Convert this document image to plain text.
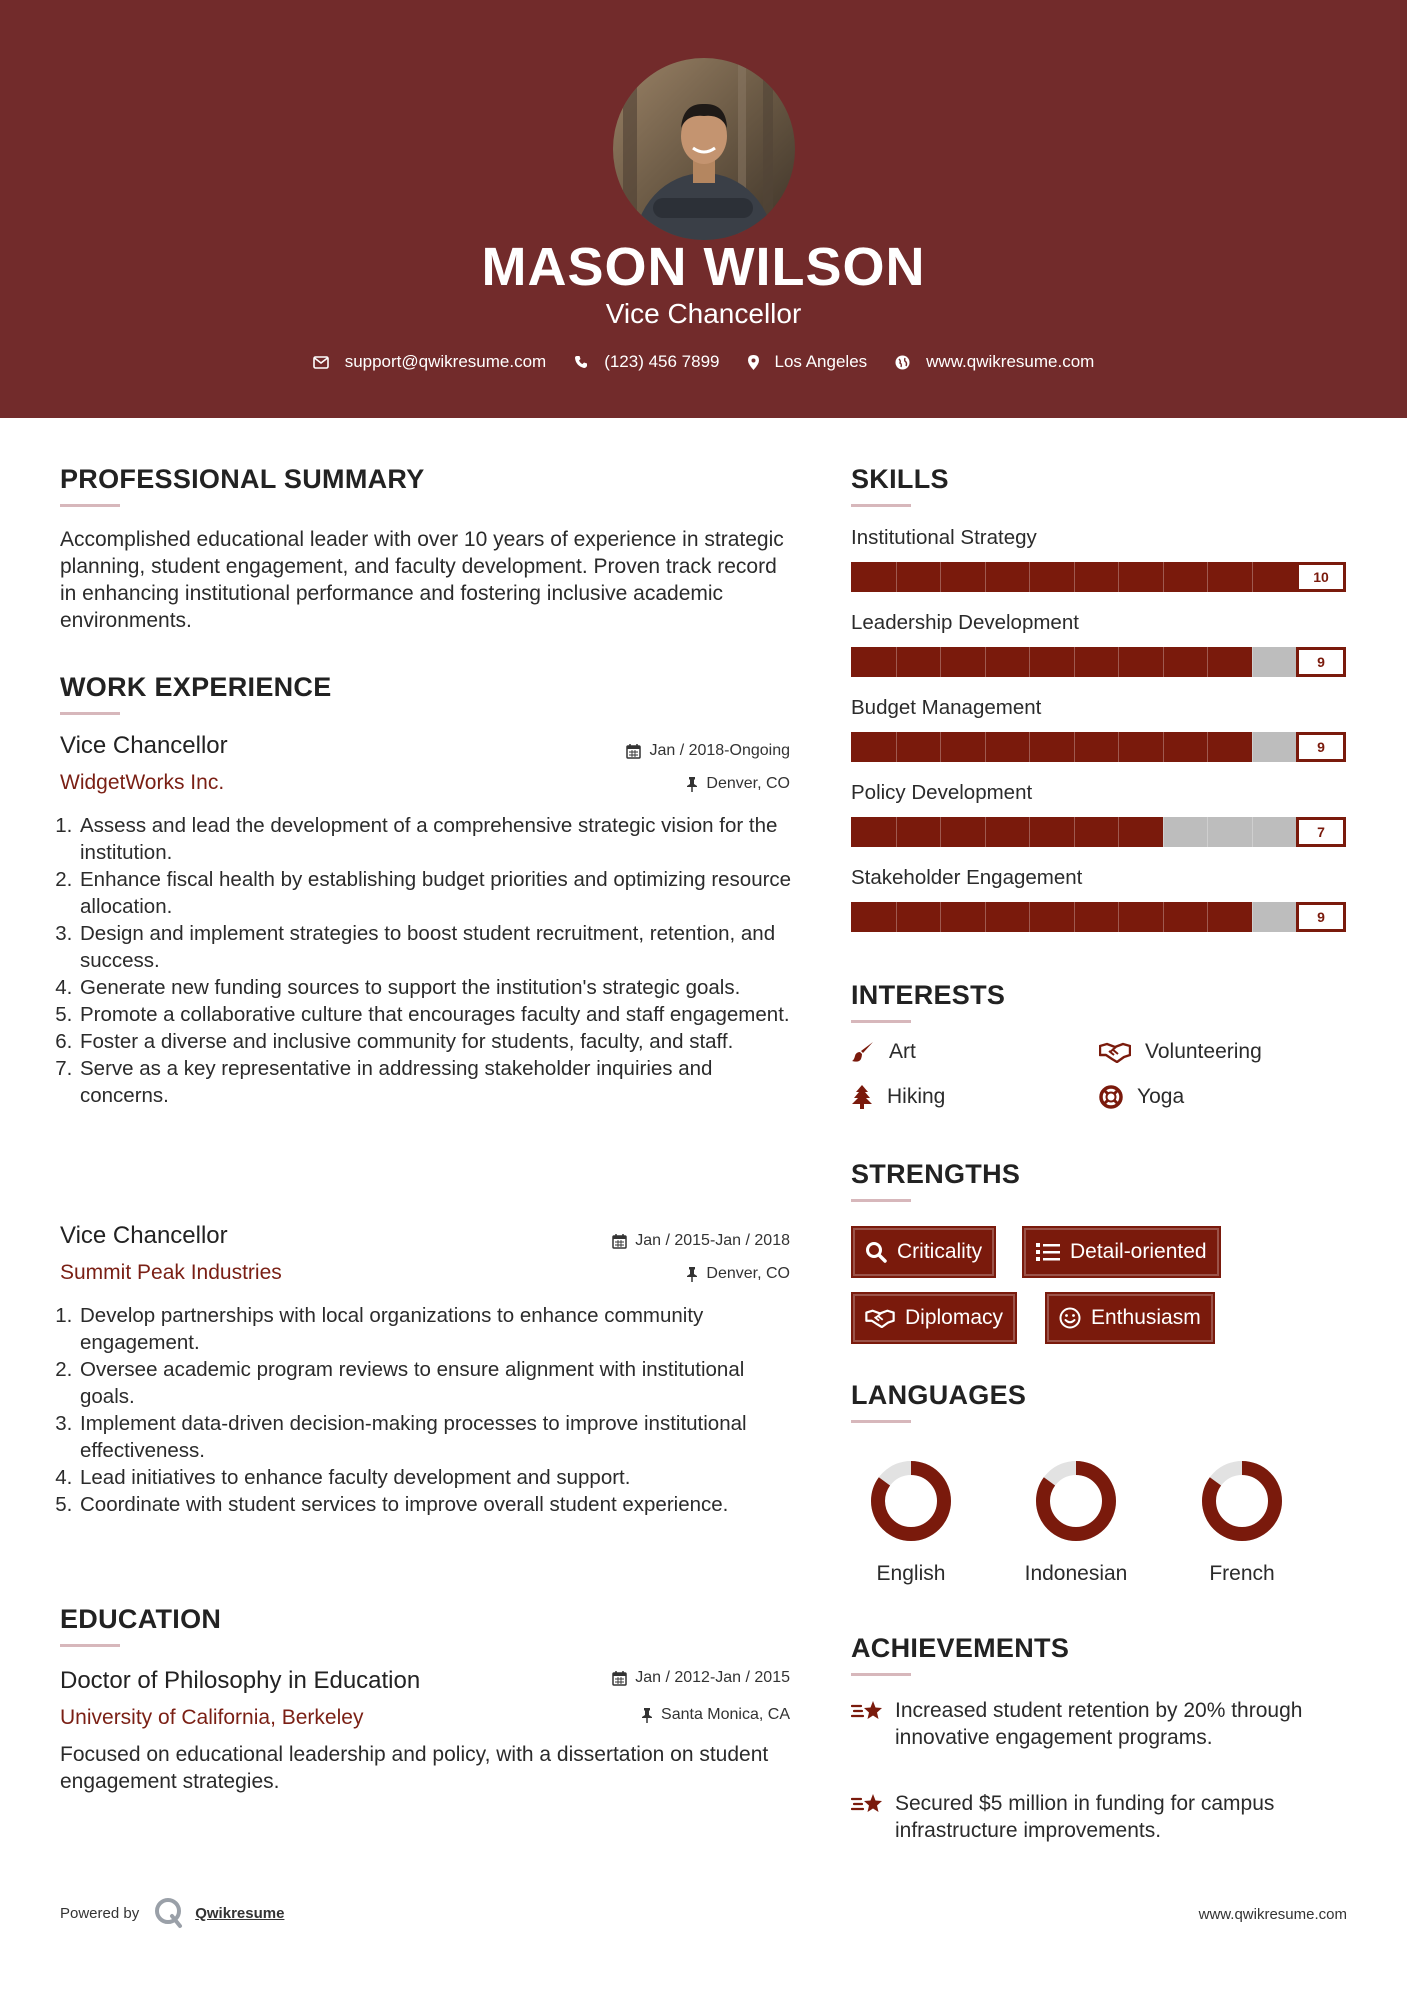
MASON WILSON
Vice Chancellor
support@qwikresume.com	(123) 456 7899	Los Angeles	www.qwikresume.com
PROFESSIONAL SUMMARY
Accomplished educational leader with over 10 years of experience in strategic planning, student engagement, and faculty development. Proven track record in enhancing institutional performance and fostering inclusive academic environments.
WORK EXPERIENCE
Vice Chancellor	Jan / 2018-Ongoing
WidgetWorks Inc.	Denver, CO
1. Assess and lead the development of a comprehensive strategic vision for the institution.
2. Enhance fiscal health by establishing budget priorities and optimizing resource allocation.
3. Design and implement strategies to boost student recruitment, retention, and success.
4. Generate new funding sources to support the institution's strategic goals.
5. Promote a collaborative culture that encourages faculty and staff engagement.
6. Foster a diverse and inclusive community for students, faculty, and staff.
7. Serve as a key representative in addressing stakeholder inquiries and concerns.
Vice Chancellor	Jan / 2015-Jan / 2018
Summit Peak Industries	Denver, CO
1. Develop partnerships with local organizations to enhance community engagement.
2. Oversee academic program reviews to ensure alignment with institutional goals.
3. Implement data-driven decision-making processes to improve institutional effectiveness.
4. Lead initiatives to enhance faculty development and support.
5. Coordinate with student services to improve overall student experience.
EDUCATION
Doctor of Philosophy in Education	Jan / 2012-Jan / 2015
University of California, Berkeley	Santa Monica, CA
Focused on educational leadership and policy, with a dissertation on student engagement strategies.
SKILLS
Institutional Strategy
10
Leadership Development
9
Budget Management
9
Policy Development
7
Stakeholder Engagement
9
INTERESTS
Art	Volunteering
Hiking	Yoga
STRENGTHS
Criticality	Detail-oriented
Diplomacy	Enthusiasm
LANGUAGES
English	Indonesian	French
ACHIEVEMENTS
Increased student retention by 20% through innovative engagement programs.
Secured $5 million in funding for campus infrastructure improvements.
Powered by	Qwikresume	www.qwikresume.com
